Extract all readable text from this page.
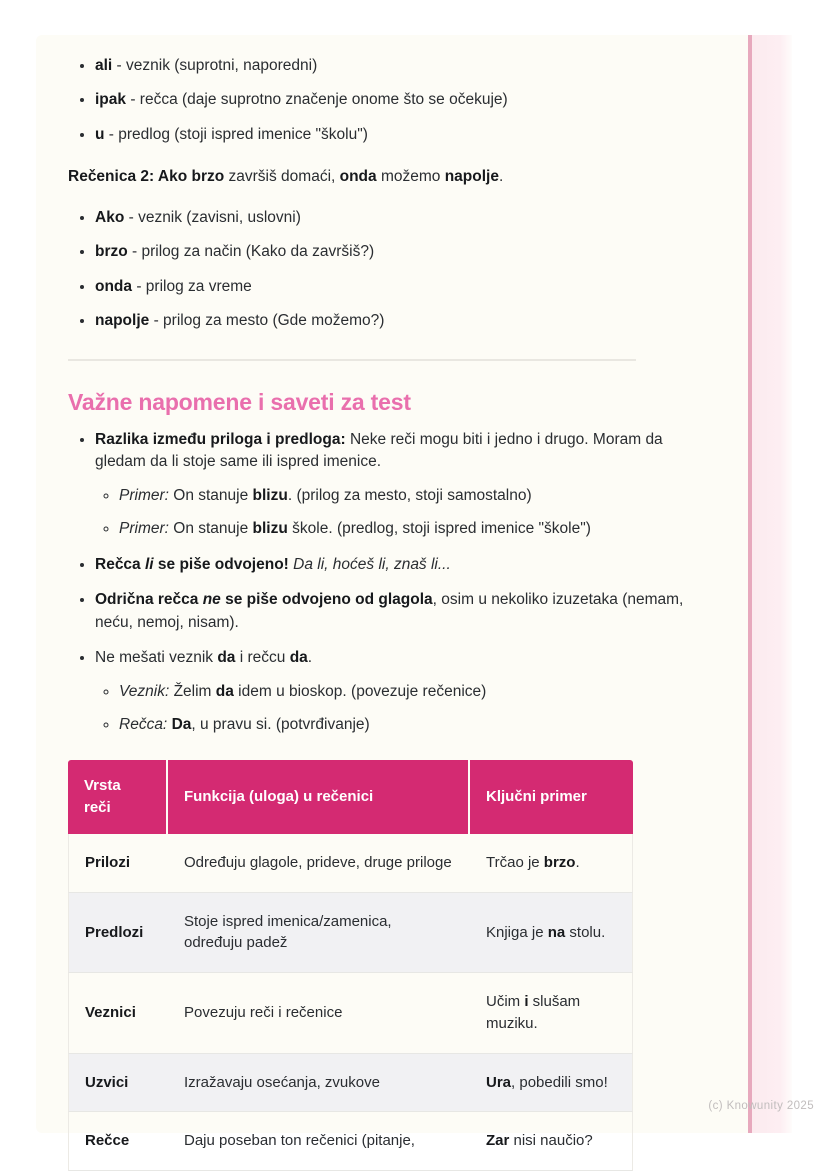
• ali - veznik (suprotni, naporedni)
• ipak - rečca (daje suprotno značenje onome što se očekuje)
• u - predlog (stoji ispred imenice "školu")

Rečenica 2: Ako brzo završiš domaći, onda možemo napolje.

• Ako - veznik (zavisni, uslovni)
• brzo - prilog za način (Kako da završiš?)
• onda - prilog za vreme
• napolje - prilog za mesto (Gde možemo?)
Važne napomene i saveti za test
• Razlika između priloga i predloga: Neke reči mogu biti i jedno i drugo. Moram da gledam da li stoje same ili ispred imenice.
◦ Primer: On stanuje blizu. (prilog za mesto, stoji samostalno)
◦ Primer: On stanuje blizu škole. (predlog, stoji ispred imenice "škole")
• Rečca li se piše odvojeno! Da li, hoćeš li, znaš li...
• Odrična rečca ne se piše odvojeno od glagola, osim u nekoliko izuzetaka (nemam, neću, nemoj, nisam).
• Ne mešati veznik da i rečcu da.
◦ Veznik: Želim da idem u bioskop. (povezuje rečenice)
◦ Rečca: Da, u pravu si. (potvrđivanje)
Vrsta reči	Funkcija (uloga) u rečenici	Ključni primer
Prilozi	Određuju glagole, prideve, druge priloge	Trčao je brzo.
Predlozi	Stoje ispred imenica/zamenica, određuju padež	Knjiga je na stolu.
Veznici	Povezuju reči i rečenice	Učim i slušam muziku.
Uzvici	Izražavaju osećanja, zvukove	Ura, pobedili smo!
Rečce	Daju poseban ton rečenici (pitanje,	Zar nisi naučio?
(c) Knowunity 2025
